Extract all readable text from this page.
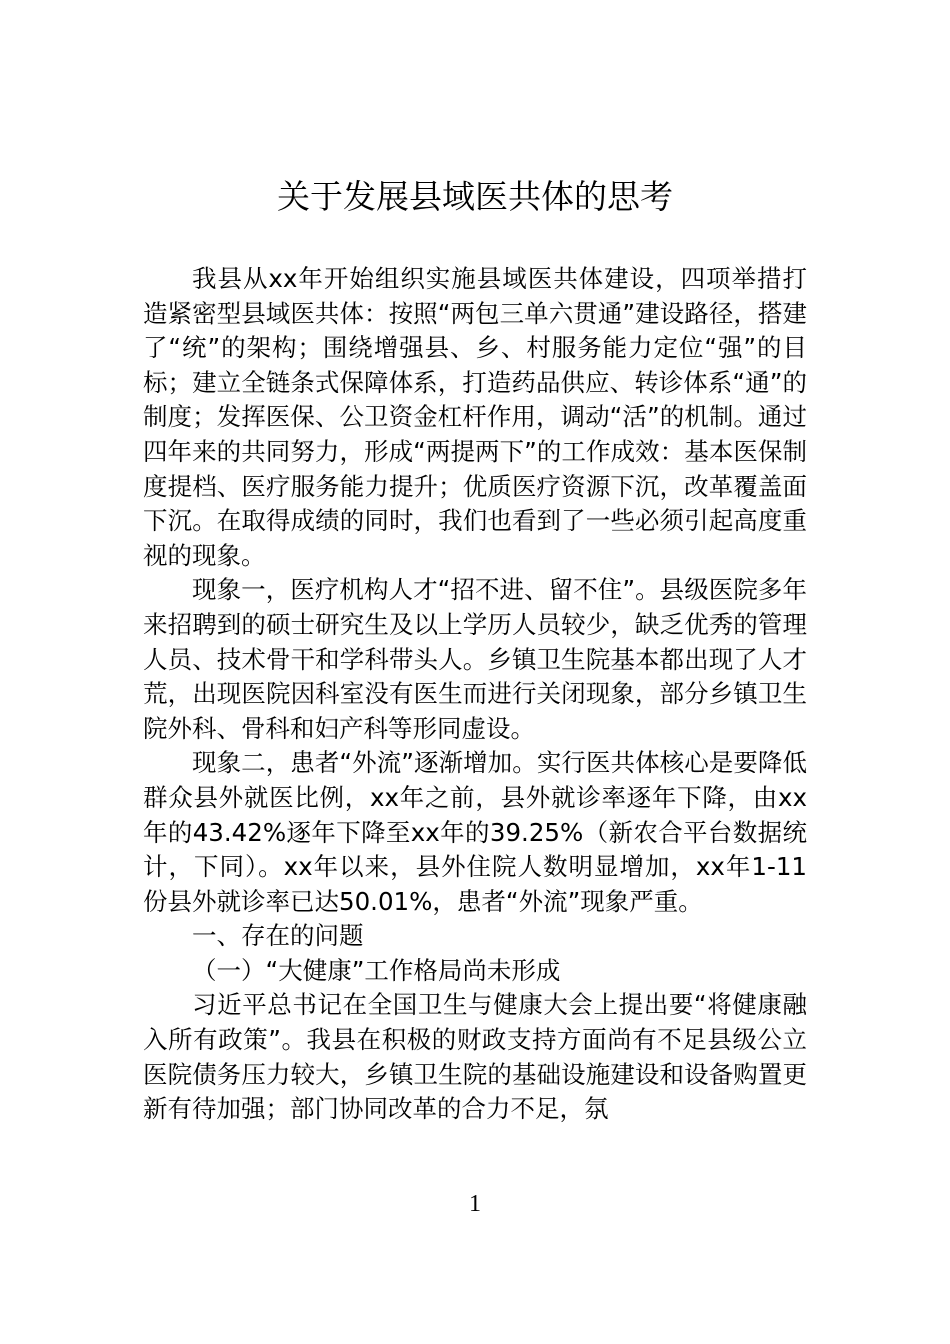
关于发展县域医共体的思考

我县从xx年开始组织实施县域医共体建设，四项举措打造紧密型县域医共体：按照“两包三单六贯通”建设路径，搭建了“统”的架构；围绕增强县、乡、村服务能力定位“强”的目标；建立全链条式保障体系，打造药品供应、转诊体系“通”的制度；发挥医保、公卫资金杠杆作用，调动“活”的机制。通过四年来的共同努力，形成“两提两下”的工作成效：基本医保制度提档、医疗服务能力提升；优质医疗资源下沉，改革覆盖面下沉。在取得成绩的同时，我们也看到了一些必须引起高度重视的现象。

现象一，医疗机构人才“招不进、留不住”。县级医院多年来招聘到的硕士研究生及以上学历人员较少，缺乏优秀的管理人员、技术骨干和学科带头人。乡镇卫生院基本都出现了人才荒，出现医院因科室没有医生而进行关闭现象，部分乡镇卫生院外科、骨科和妇产科等形同虚设。

现象二，患者“外流”逐渐增加。实行医共体核心是要降低群众县外就医比例，xx年之前，县外就诊率逐年下降，由xx年的43.42%逐年下降至xx年的39.25%（新农合平台数据统计，下同）。xx年以来，县外住院人数明显增加，xx年1-11份县外就诊率已达50.01%，患者“外流”现象严重。

一、存在的问题

（一）“大健康”工作格局尚未形成

习近平总书记在全国卫生与健康大会上提出要“将健康融入所有政策”。我县在积极的财政支持方面尚有不足县级公立医院债务压力较大，乡镇卫生院的基础设施建设和设备购置更新有待加强；部门协同改革的合力不足，氛

1
